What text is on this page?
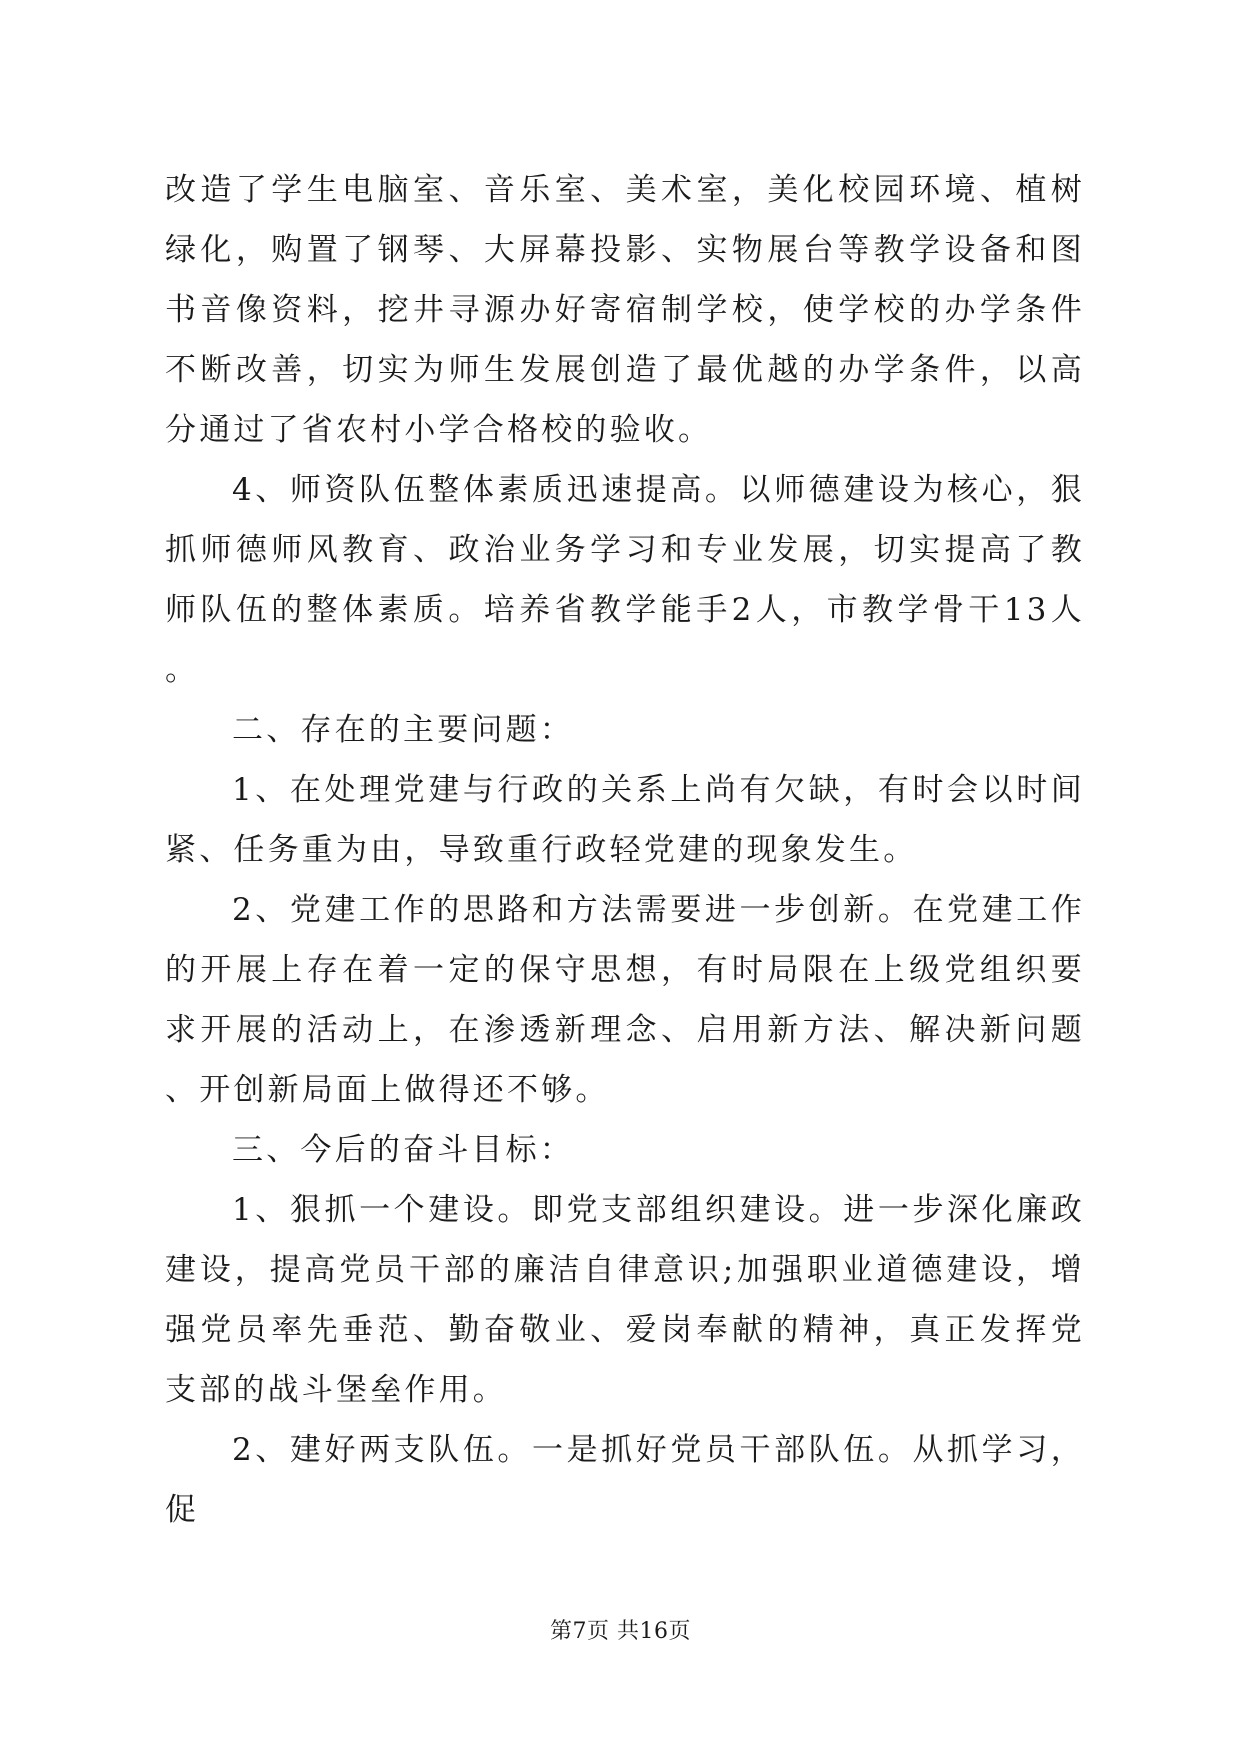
改造了学生电脑室、音乐室、美术室，美化校园环境、植树绿化，购置了钢琴、大屏幕投影、实物展台等教学设备和图书音像资料，挖井寻源办好寄宿制学校，使学校的办学条件不断改善，切实为师生发展创造了最优越的办学条件，以高分通过了省农村小学合格校的验收。

4、师资队伍整体素质迅速提高。以师德建设为核心，狠抓师德师风教育、政治业务学习和专业发展，切实提高了教师队伍的整体素质。培养省教学能手2人，市教学骨干13人。

二、存在的主要问题：

1、在处理党建与行政的关系上尚有欠缺，有时会以时间紧、任务重为由，导致重行政轻党建的现象发生。

2、党建工作的思路和方法需要进一步创新。在党建工作的开展上存在着一定的保守思想，有时局限在上级党组织要求开展的活动上，在渗透新理念、启用新方法、解决新问题、开创新局面上做得还不够。

三、今后的奋斗目标：

1、狠抓一个建设。即党支部组织建设。进一步深化廉政建设，提高党员干部的廉洁自律意识;加强职业道德建设，增强党员率先垂范、勤奋敬业、爱岗奉献的精神，真正发挥党支部的战斗堡垒作用。

2、建好两支队伍。一是抓好党员干部队伍。从抓学习，促

第7页 共16页
